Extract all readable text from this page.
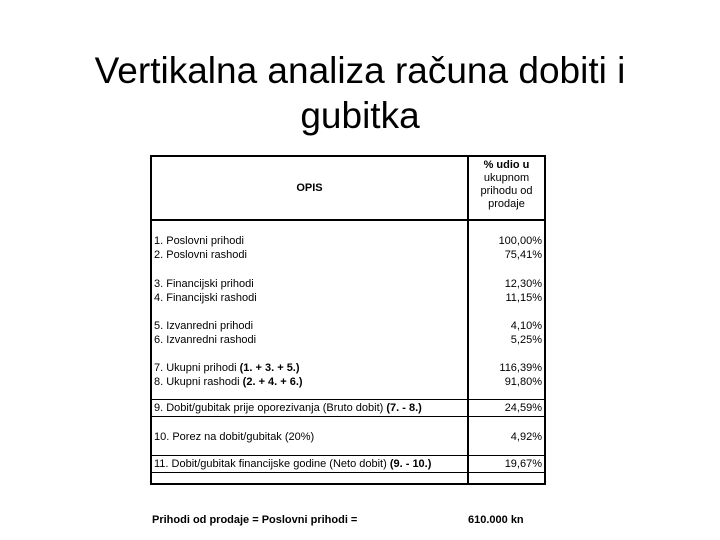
Vertikalna analiza računa dobiti i gubitka
OPIS
% udio u
ukupnom
prihodu od
prodaje
1. Poslovni prihodi	100,00%
2. Poslovni rashodi	75,41%
3. Financijski prihodi	12,30%
4. Financijski rashodi	11,15%
5. Izvanredni prihodi	4,10%
6. Izvanredni rashodi	5,25%
7. Ukupni prihodi (1. + 3. + 5.)	116,39%
8. Ukupni rashodi (2. + 4. + 6.)	91,80%
9. Dobit/gubitak prije oporezivanja (Bruto dobit) (7. - 8.)	24,59%
10. Porez na dobit/gubitak (20%)	4,92%
11. Dobit/gubitak financijske godine (Neto dobit) (9. - 10.)	19,67%
Prihodi od prodaje = Poslovni prihodi =	610.000 kn
